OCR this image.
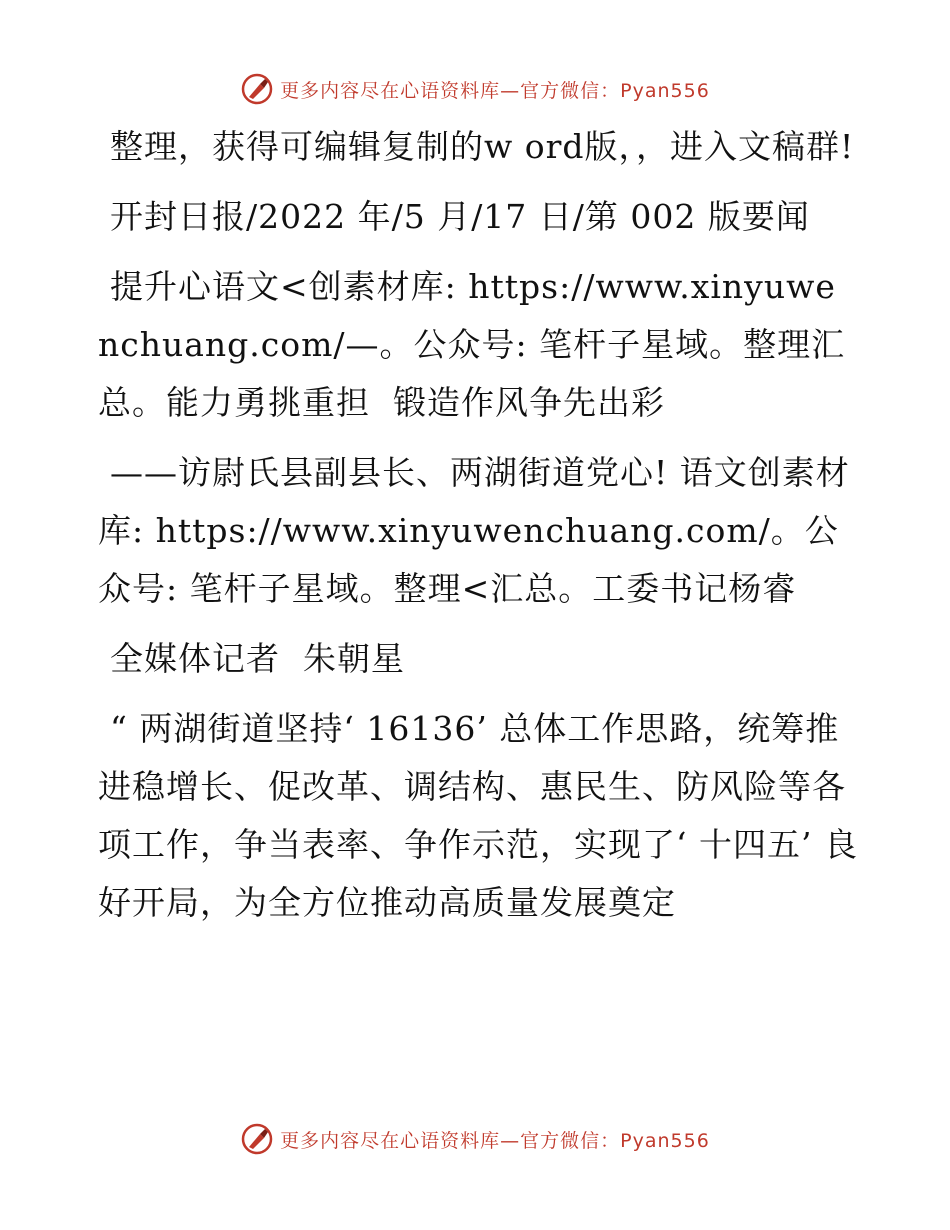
更多内容尽在心语资料库—官方微信：Pyan556

整理，获得可编辑复制的w ord版，，进入文稿群!

开封日报/2022 年/5 月/17 日/第 002 版要闻

提升心语文<创素材库: https://www.xinyuwenchuang.com/—。公众号: 笔杆子星域。整理汇总。能力勇挑重担  锻造作风争先出彩

——访尉氏县副县长、两湖街道党心! 语文创素材库: https://www.xinyuwenchuang.com/。公众号: 笔杆子星域。整理<汇总。工委书记杨睿

全媒体记者  朱朝星

“ 两湖街道坚持‘ 16136’ 总体工作思路，统筹推进稳增长、促改革、调结构、惠民生、防风险等各项工作，争当表率、争作示范，实现了‘ 十四五’ 良好开局，为全方位推动高质量发展奠定

更多内容尽在心语资料库—官方微信：Pyan556
